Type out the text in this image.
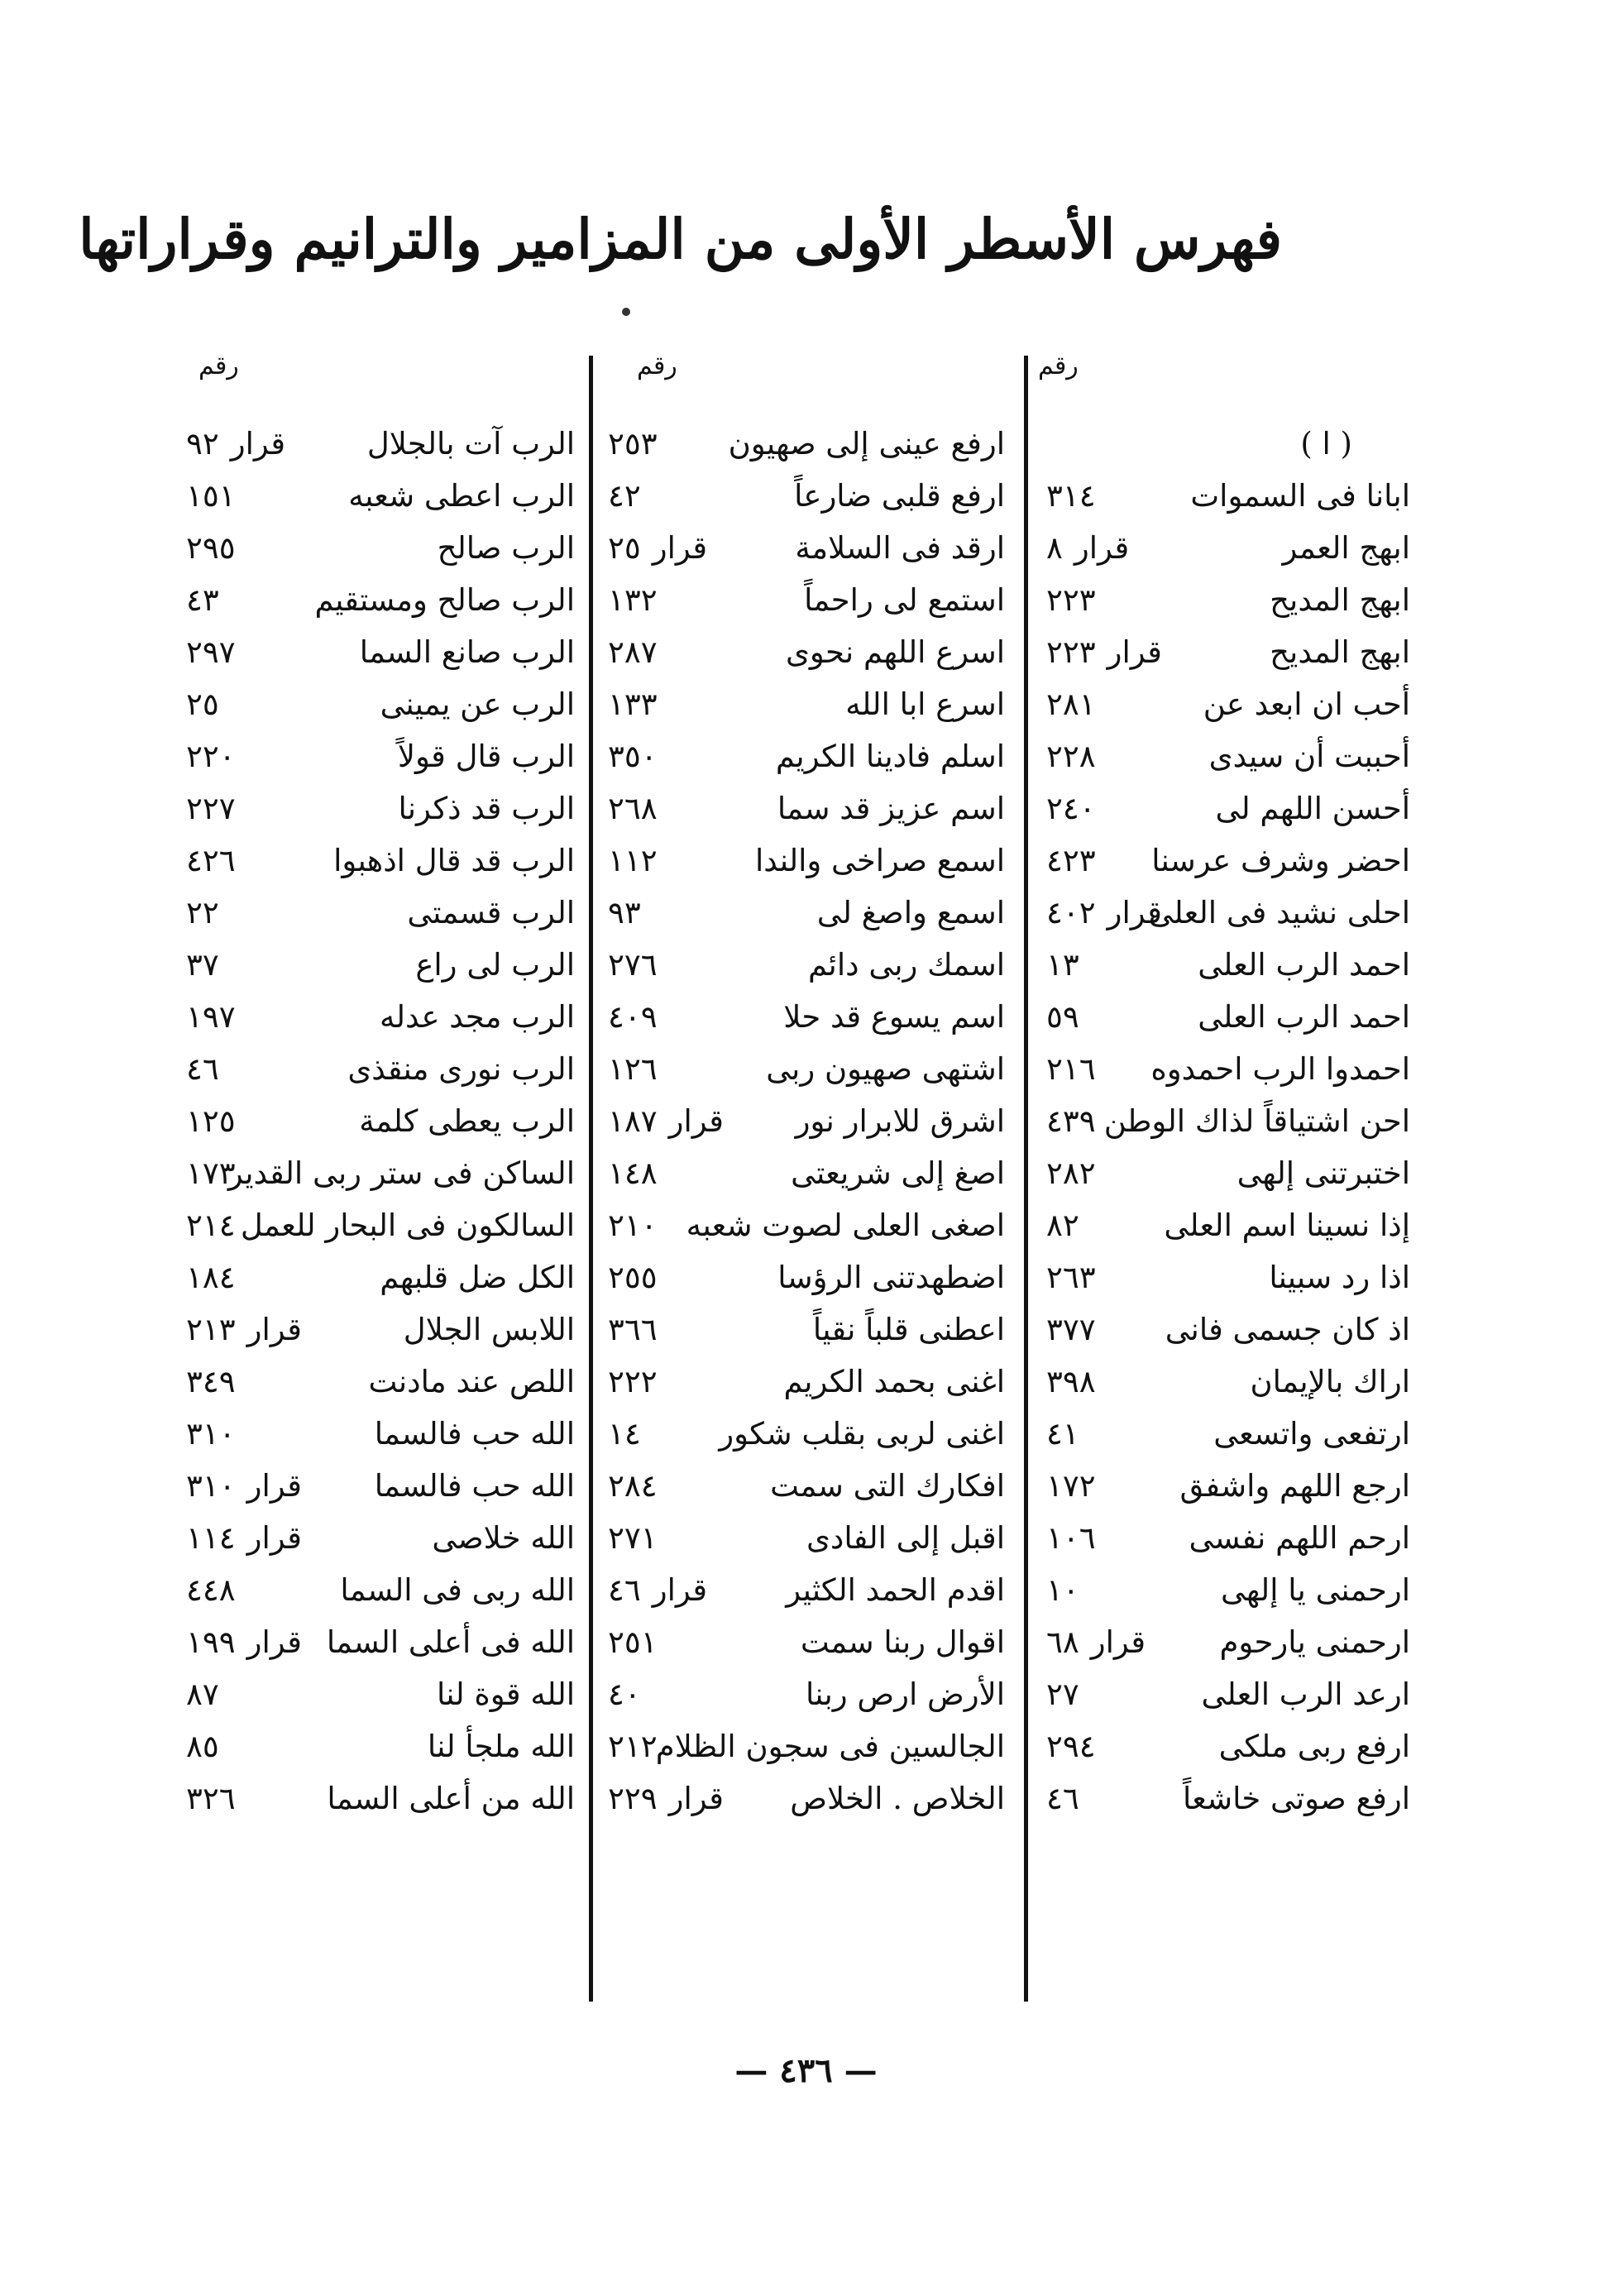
فهرس الأسطر الأولى من المزامير والترانيم وقراراتها
رقم
رقم
رقم
( ا )
ابانا فى السموات
٣١٤
ابهج العمر
قرار٨
ابهج المديح
٢٢٣
ابهج المديح
قرار٢٢٣
أحب ان ابعد عن
٢٨١
أحببت أن سيدى
٢٢٨
أحسن اللهم لى
٢٤٠
احضر وشرف عرسنا
٤٢٣
احلى نشيد فى العلى
قرار٤٠٢
احمد الرب العلى
١٣
احمد الرب العلى
٥٩
احمدوا الرب احمدوه
٢١٦
احن اشتياقاً لذاك الوطن
٤٣٩
اختبرتنى إلهى
٢٨٢
إذا نسينا اسم العلى
٨٢
اذا رد سبينا
٢٦٣
اذ كان جسمى فانى
٣٧٧
اراك بالإيمان
٣٩٨
ارتفعى واتسعى
٤١
ارجع اللهم واشفق
١٧٢
ارحم اللهم نفسى
١٠٦
ارحمنى يا إلهى
١٠
ارحمنى يارحوم
قرار٦٨
ارعد الرب العلى
٢٧
ارفع ربى ملكى
٢٩٤
ارفع صوتى خاشعاً
٤٦
ارفع عينى إلى صهيون
٢٥٣
ارفع قلبى ضارعاً
٤٢
ارقد فى السلامة
قرار٢٥
استمع لى راحماً
١٣٢
اسرع اللهم نحوى
٢٨٧
اسرع ابا الله
١٣٣
اسلم فادينا الكريم
٣٥٠
اسم عزيز قد سما
٢٦٨
اسمع صراخى والندا
١١٢
اسمع واصغ لى
٩٣
اسمك ربى دائم
٢٧٦
اسم يسوع قد حلا
٤٠٩
اشتهى صهيون ربى
١٢٦
اشرق للابرار نور
قرار١٨٧
اصغ إلى شريعتى
١٤٨
اصغى العلى لصوت شعبه
٢١٠
اضطهدتنى الرؤسا
٢٥٥
اعطنى قلباً نقياً
٣٦٦
اغنى بحمد الكريم
٢٢٢
اغنى لربى بقلب شكور
١٤
افكارك التى سمت
٢٨٤
اقبل إلى الفادى
٢٧١
اقدم الحمد الكثير
قرار٤٦
اقوال ربنا سمت
٢٥١
الأرض ارص ربنا
٤٠
الجالسين فى سجون الظلام
٢١٢
الخلاص . الخلاص
قرار٢٢٩
الرب آت بالجلال
قرار٩٢
الرب اعطى شعبه
١٥١
الرب صالح
٢٩٥
الرب صالح ومستقيم
٤٣
الرب صانع السما
٢٩٧
الرب عن يمينى
٢٥
الرب قال قولاً
٢٢٠
الرب قد ذكرنا
٢٢٧
الرب قد قال اذهبوا
٤٢٦
الرب قسمتى
٢٢
الرب لى راع
٣٧
الرب مجد عدله
١٩٧
الرب نورى منقذى
٤٦
الرب يعطى كلمة
١٢٥
الساكن فى ستر ربى القدير
١٧٣
السالكون فى البحار للعمل
٢١٤
الكل ضل قلبهم
١٨٤
اللابس الجلال
قرار٢١٣
اللص عند مادنت
٣٤٩
الله حب فالسما
٣١٠
الله حب فالسما
قرار٣١٠
الله خلاصى
قرار١١٤
الله ربى فى السما
٤٤٨
الله فى أعلى السما
قرار١٩٩
الله قوة لنا
٨٧
الله ملجأ لنا
٨٥
الله من أعلى السما
٣٢٦
— ٤٣٦ —
